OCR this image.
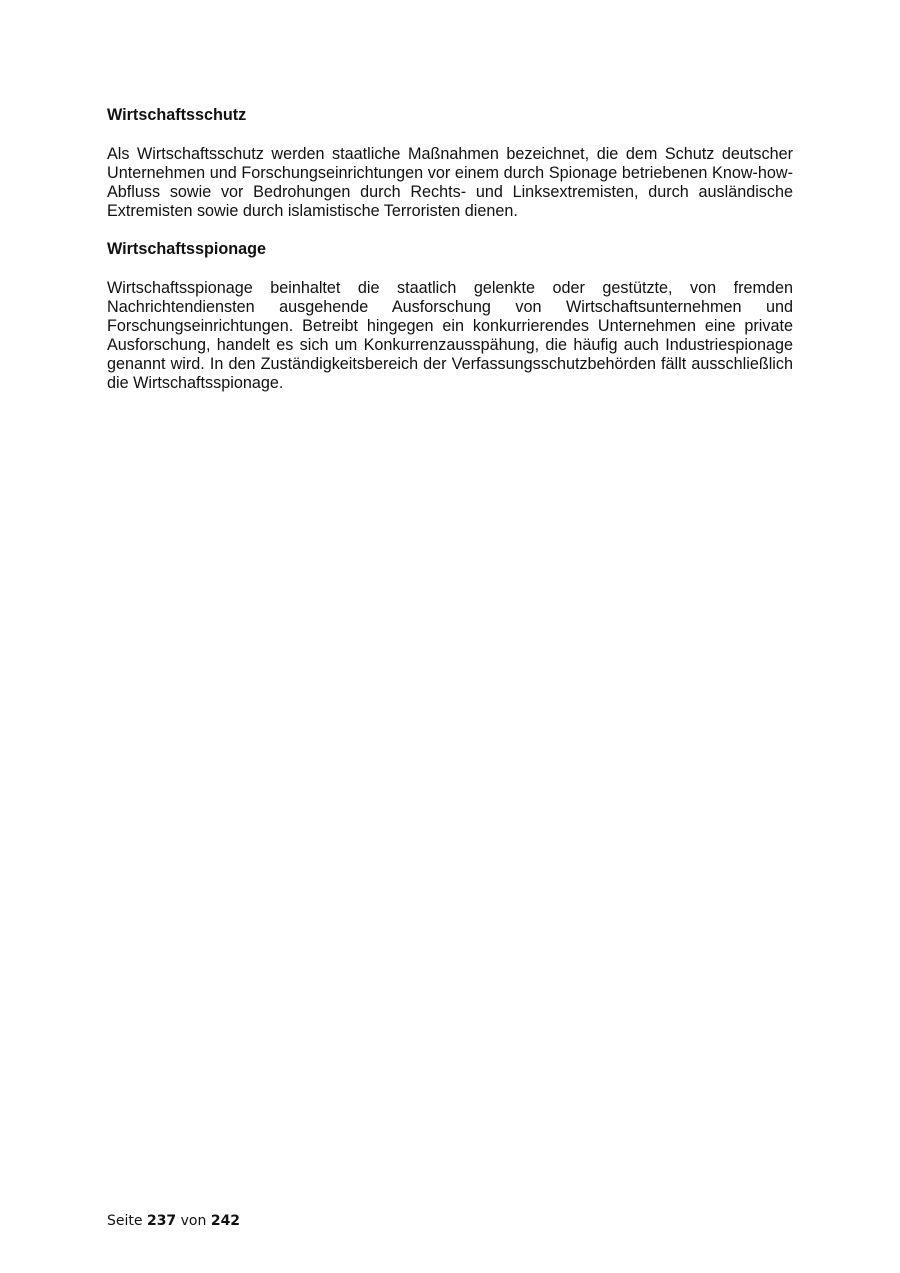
Wirtschaftsschutz

Als Wirtschaftsschutz werden staatliche Maßnahmen bezeichnet, die dem Schutz deutscher Unternehmen und Forschungseinrichtungen vor einem durch Spionage betriebenen Know-how-Abfluss sowie vor Bedrohungen durch Rechts- und Linksextremisten, durch ausländische Extremisten sowie durch islamistische Terroristen dienen.

Wirtschaftsspionage

Wirtschaftsspionage beinhaltet die staatlich gelenkte oder gestützte, von fremden Nachrichtendiensten ausgehende Ausforschung von Wirtschaftsunternehmen und Forschungseinrichtungen. Betreibt hingegen ein konkurrierendes Unternehmen eine private Ausforschung, handelt es sich um Konkurrenzausspähung, die häufig auch Industriespionage genannt wird. In den Zuständigkeitsbereich der Verfassungsschutzbehörden fällt ausschließlich die Wirtschaftsspionage.

Seite 237 von 242
